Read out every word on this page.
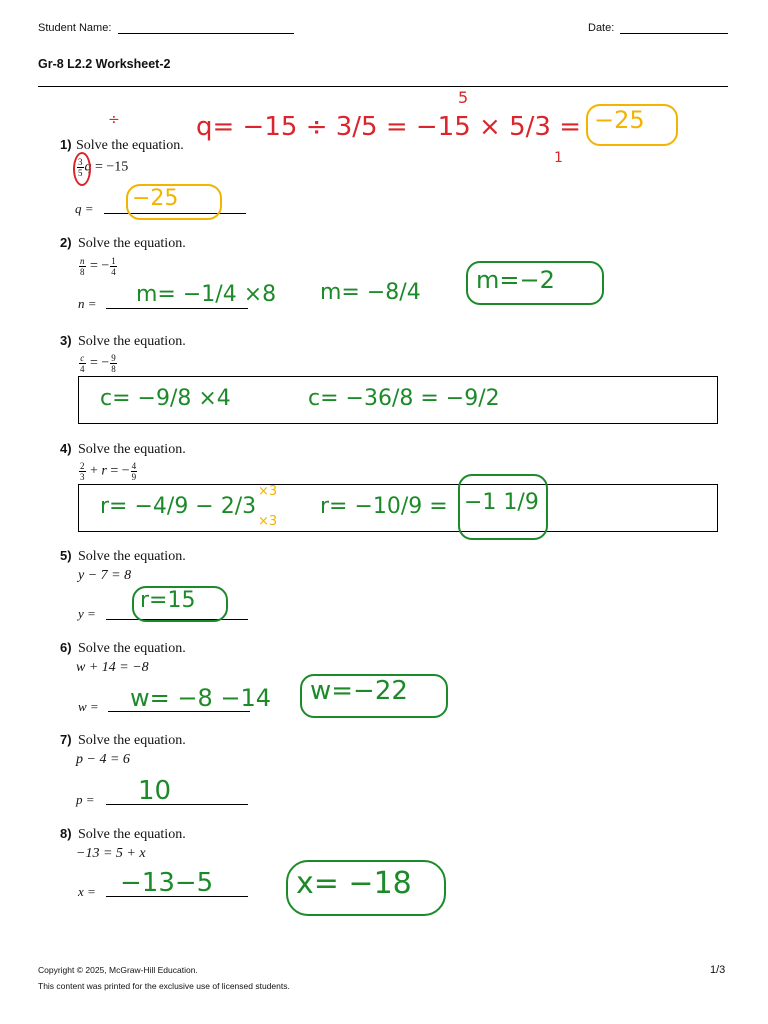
Student Name:	Date:
Gr-8 L2.2 Worksheet-2
1) Solve the equation.
$\frac{3}{5}$ q = −15
q =
2) Solve the equation.
$\frac{n}{8}$ = − $\frac{1}{4}$
n =
3) Solve the equation.
$\frac{c}{4}$ = − $\frac{9}{8}$
4) Solve the equation.
$\frac{2}{3} + r$ = − $\frac{4}{9}$
5) Solve the equation.
y − 7 = 8
y =
6) Solve the equation.
w + 14 = −8
w =
7) Solve the equation.
p − 4 = 6
p =
8) Solve the equation.
−13 = 5 + x
x =
÷	q= −15 ÷ 3/5 = −15 × 5/3 =
5
1
−25
−25
m= −1/4 ×8 m= −8/4 m=−2
c= −9/8 ×4	c= −36/8 = −9/2
r= −4/9 − 2/3
×3
×3
r= −10/9 = −1 1/9
r=15
w= −8 −14 w=−22
10
−13−5	x= −18
Copyright © 2025, McGraw-Hill Education.
This content was printed for the exclusive use of licensed students.
1/3
